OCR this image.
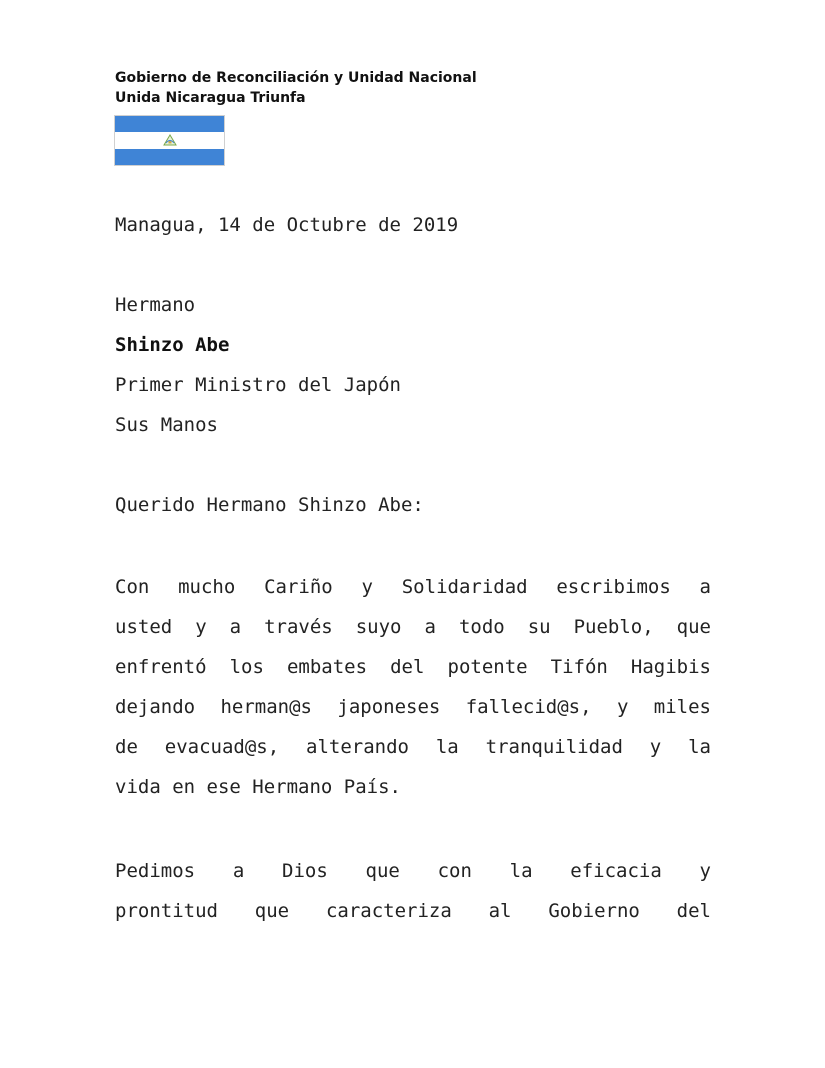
Gobierno de Reconciliación y Unidad Nacional
Unida Nicaragua Triunfa
Managua, 14 de Octubre de 2019
Hermano
Shinzo Abe
Primer Ministro del Japón
Sus Manos
Querido Hermano Shinzo Abe:
Con mucho Cariño y Solidaridad escribimos a
usted y a través suyo a todo su Pueblo, que
enfrentó los embates del potente Tifón Hagibis
dejando herman@s japoneses fallecid@s, y miles
de evacuad@s, alterando la tranquilidad y la
vida en ese Hermano País.
Pedimos a Dios que con la eficacia y
prontitud que caracteriza al Gobierno del
